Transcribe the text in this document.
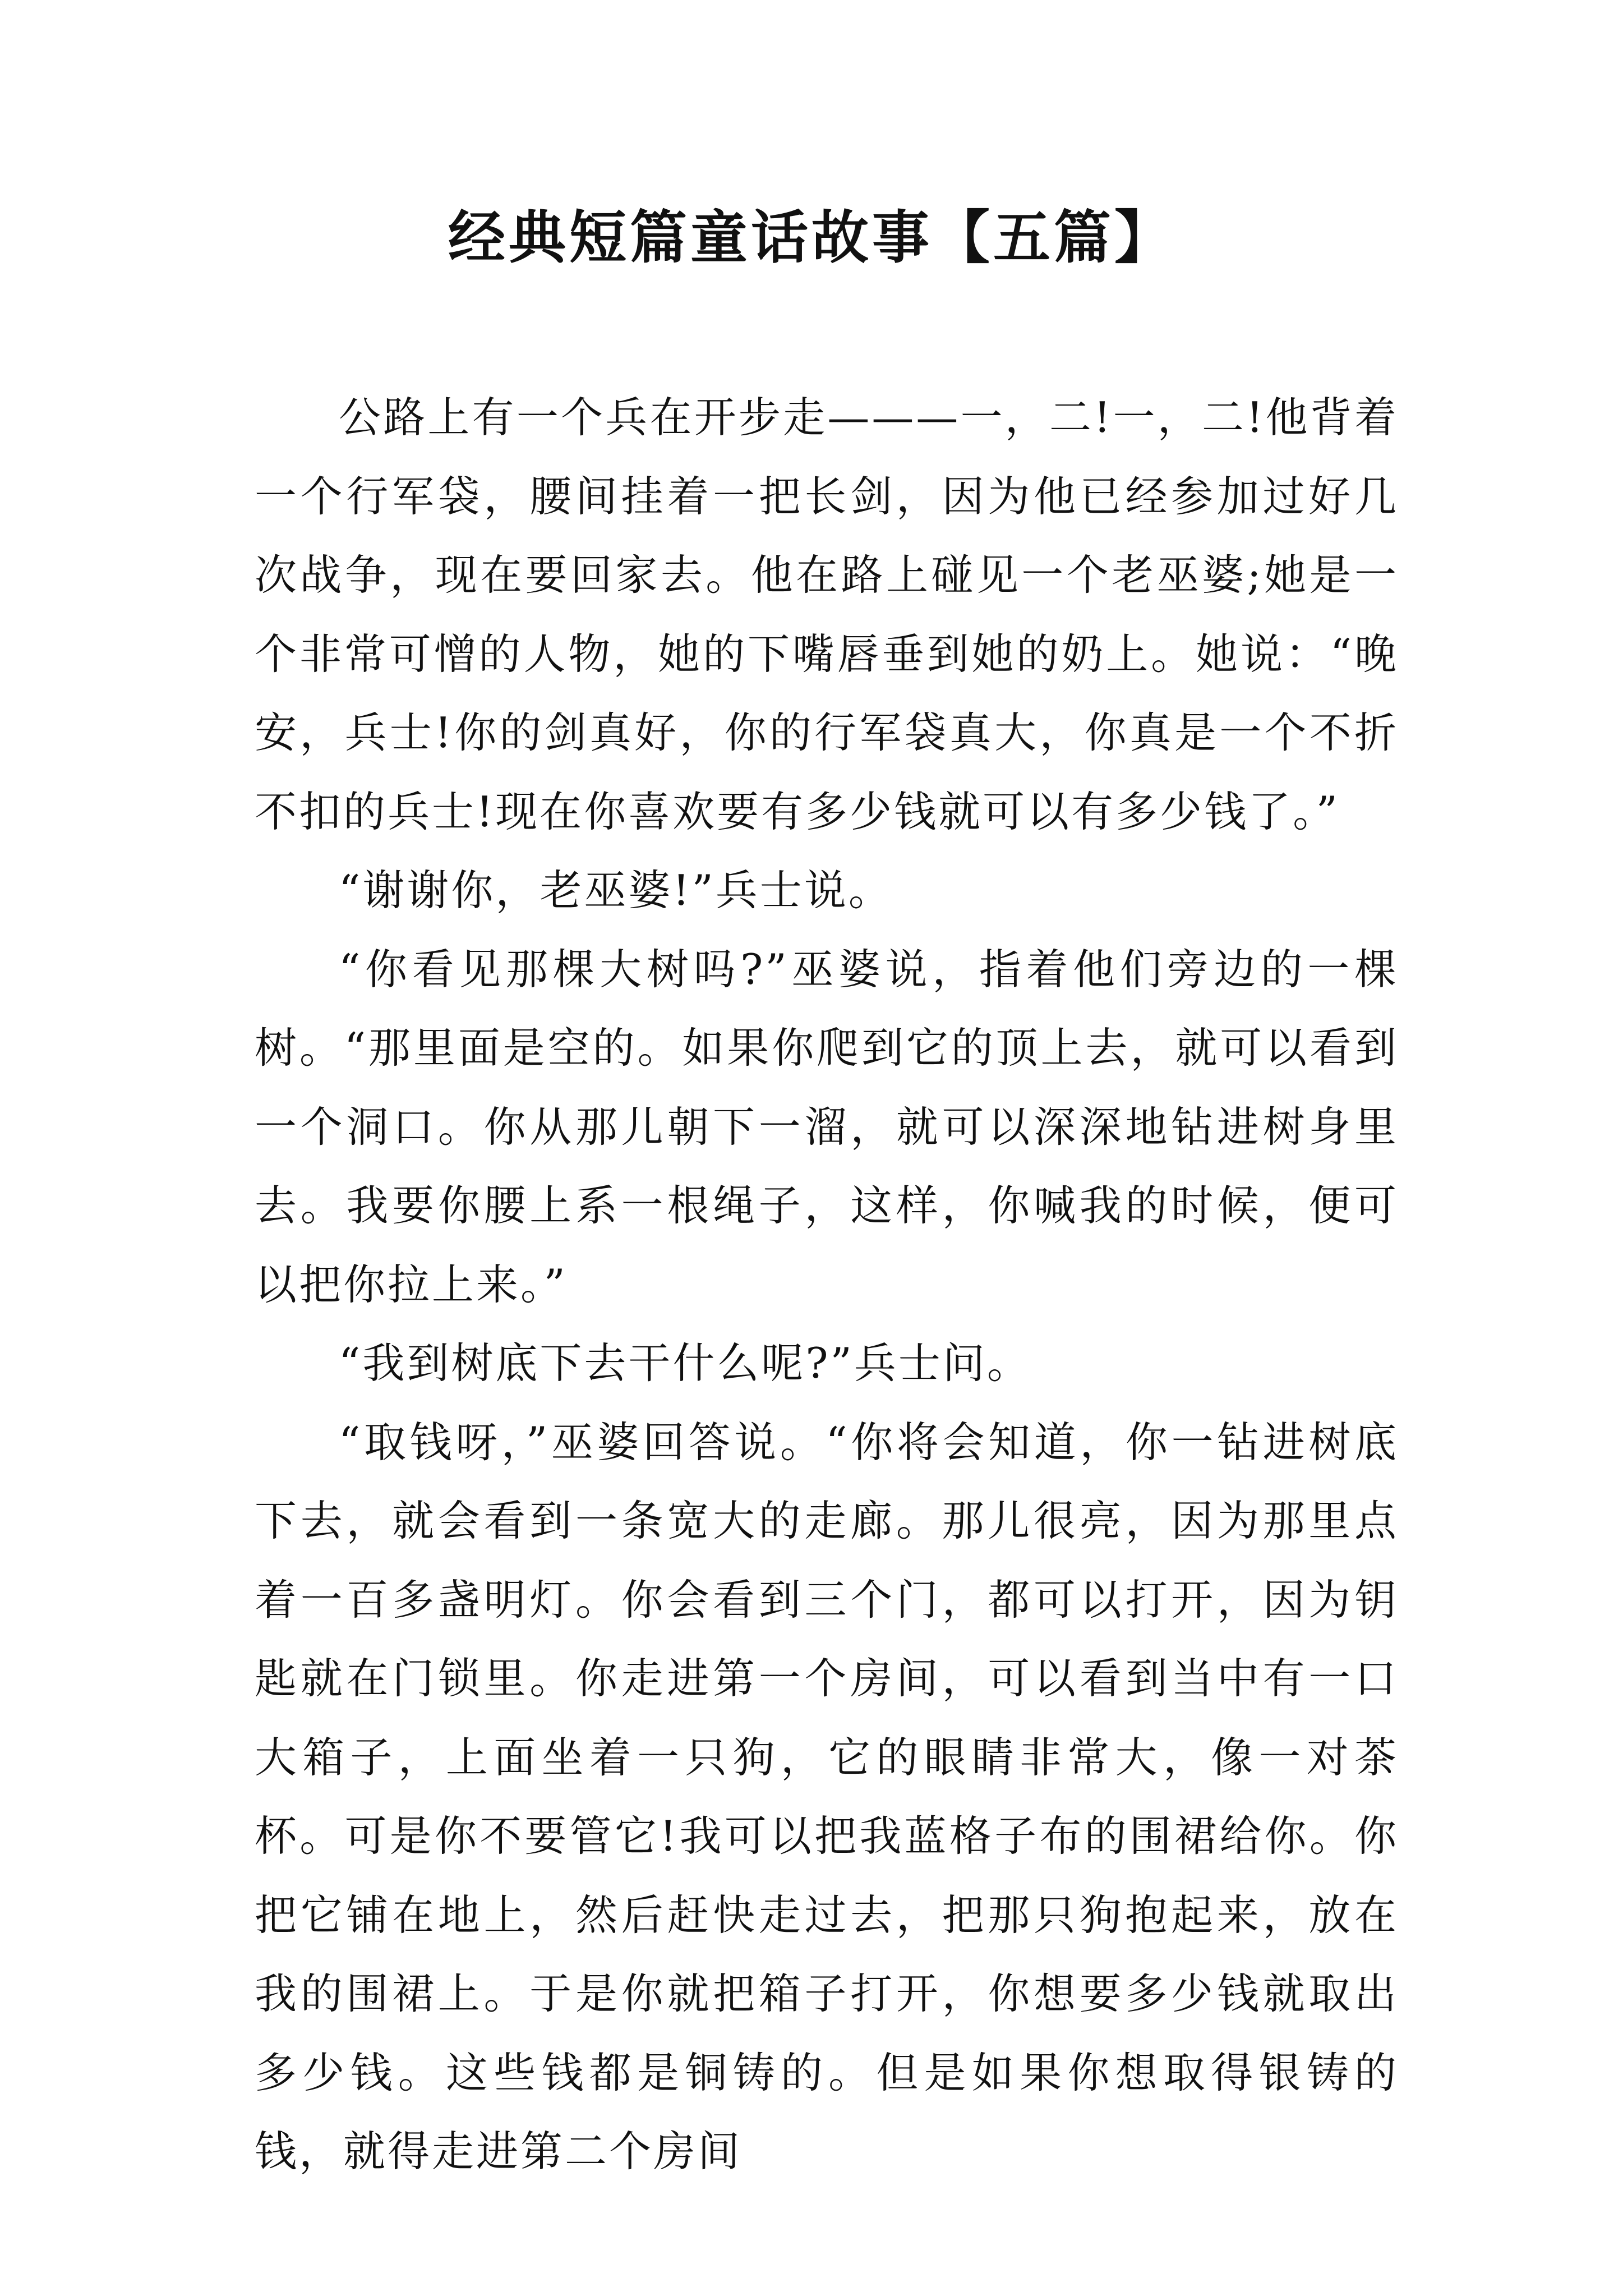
经典短篇童话故事【五篇】

公路上有一个兵在开步走———一，二!一，二!他背着一个行军袋，腰间挂着一把长剑，因为他已经参加过好几次战争，现在要回家去。他在路上碰见一个老巫婆;她是一个非常可憎的人物，她的下嘴唇垂到她的奶上。她说：“晚安，兵士!你的剑真好，你的行军袋真大，你真是一个不折不扣的兵士!现在你喜欢要有多少钱就可以有多少钱了。”

“谢谢你，老巫婆!”兵士说。

“你看见那棵大树吗?”巫婆说，指着他们旁边的一棵树。“那里面是空的。如果你爬到它的顶上去，就可以看到一个洞口。你从那儿朝下一溜，就可以深深地钻进树身里去。我要你腰上系一根绳子，这样，你喊我的时候，便可以把你拉上来。”

“我到树底下去干什么呢?”兵士问。

“取钱呀，”巫婆回答说。“你将会知道，你一钻进树底下去，就会看到一条宽大的走廊。那儿很亮，因为那里点着一百多盏明灯。你会看到三个门，都可以打开，因为钥匙就在门锁里。你走进第一个房间，可以看到当中有一口大箱子，上面坐着一只狗，它的眼睛非常大，像一对茶杯。可是你不要管它!我可以把我蓝格子布的围裙给你。你把它铺在地上，然后赶快走过去，把那只狗抱起来，放在我的围裙上。于是你就把箱子打开，你想要多少钱就取出多少钱。这些钱都是铜铸的。但是如果你想取得银铸的钱，就得走进第二个房间
